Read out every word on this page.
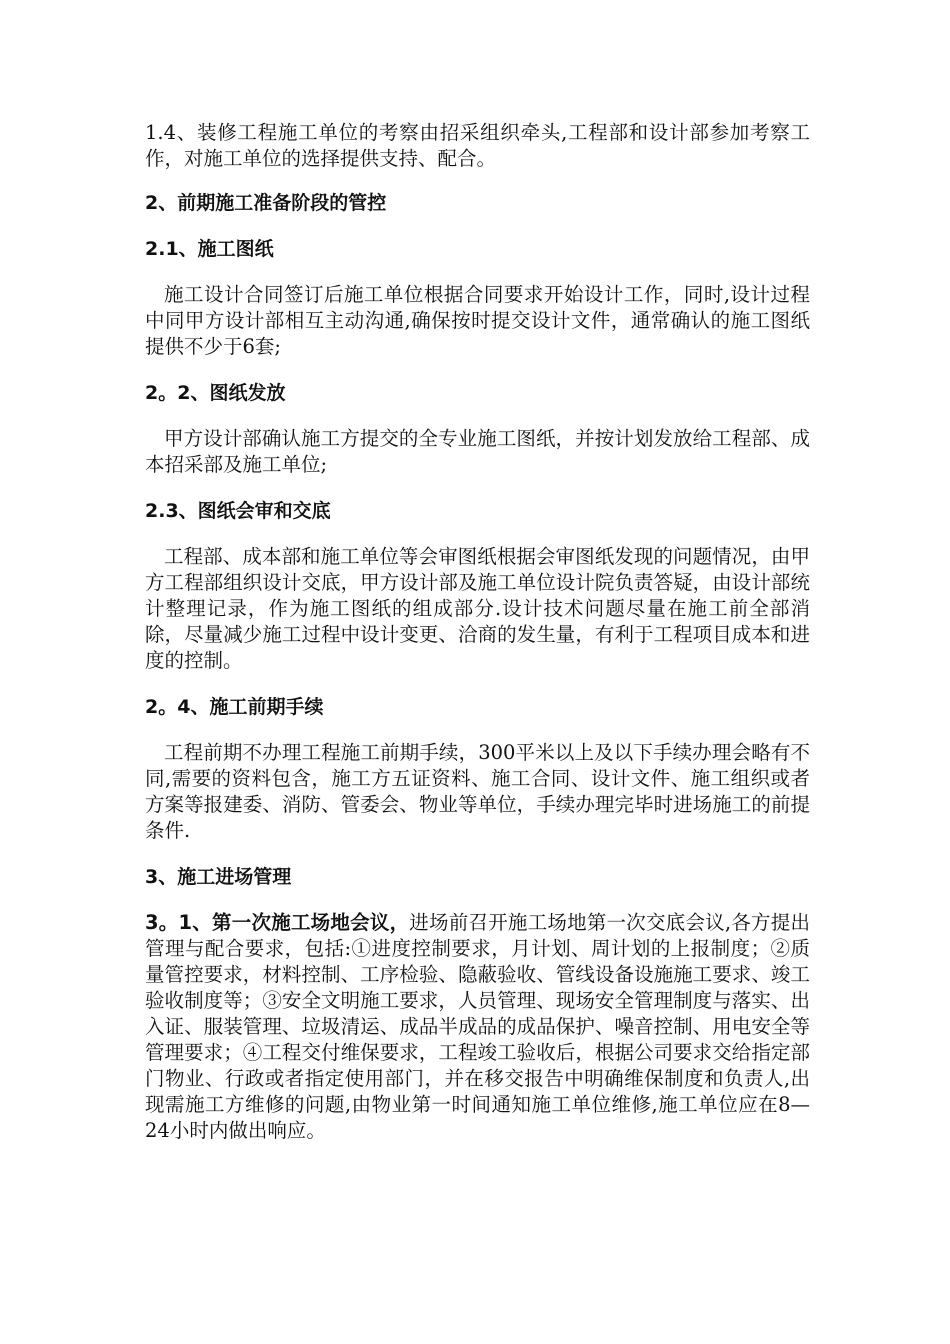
1.4、装修工程施工单位的考察由招采组织牵头,工程部和设计部参加考察工作，对施工单位的选择提供支持、配合。

2、前期施工准备阶段的管控

2.1、施工图纸

施工设计合同签订后施工单位根据合同要求开始设计工作，同时,设计过程中同甲方设计部相互主动沟通,确保按时提交设计文件，通常确认的施工图纸提供不少于6套;

2。2、图纸发放

甲方设计部确认施工方提交的全专业施工图纸，并按计划发放给工程部、成本招采部及施工单位;

2.3、图纸会审和交底

工程部、成本部和施工单位等会审图纸根据会审图纸发现的问题情况，由甲方工程部组织设计交底，甲方设计部及施工单位设计院负责答疑，由设计部统计整理记录，作为施工图纸的组成部分.设计技术问题尽量在施工前全部消除，尽量减少施工过程中设计变更、洽商的发生量，有利于工程项目成本和进度的控制。

2。4、施工前期手续

工程前期不办理工程施工前期手续，300平米以上及以下手续办理会略有不同,需要的资料包含，施工方五证资料、施工合同、设计文件、施工组织或者方案等报建委、消防、管委会、物业等单位，手续办理完毕时进场施工的前提条件.

3、施工进场管理

3。1、第一次施工场地会议，进场前召开施工场地第一次交底会议,各方提出管理与配合要求，包括:①进度控制要求，月计划、周计划的上报制度；②质量管控要求，材料控制、工序检验、隐蔽验收、管线设备设施施工要求、竣工验收制度等；③安全文明施工要求，人员管理、现场安全管理制度与落实、出入证、服装管理、垃圾清运、成品半成品的成品保护、噪音控制、用电安全等管理要求；④工程交付维保要求，工程竣工验收后，根据公司要求交给指定部门物业、行政或者指定使用部门，并在移交报告中明确维保制度和负责人,出现需施工方维修的问题,由物业第一时间通知施工单位维修,施工单位应在8—24小时内做出响应。
